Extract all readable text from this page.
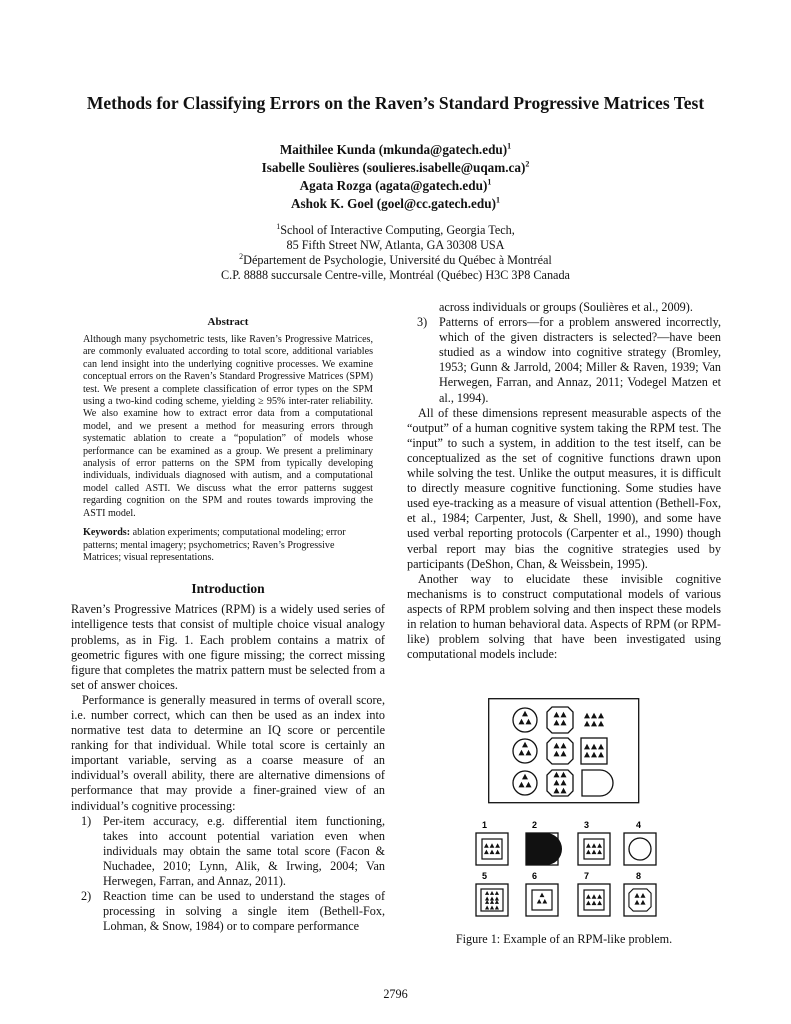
Methods for Classifying Errors on the Raven’s Standard Progressive Matrices Test
Maithilee Kunda (mkunda@gatech.edu)$^1$
Isabelle Soulières (soulieres.isabelle@uqam.ca)$^2$
Agata Rozga (agata@gatech.edu)$^1$
Ashok K. Goel (goel@cc.gatech.edu)$^1$
$^1$School of Interactive Computing, Georgia Tech,
85 Fifth Street NW, Atlanta, GA 30308 USA
$^2$Département de Psychologie, Université du Québec à Montréal
C.P. 8888 succursale Centre-ville, Montréal (Québec) H3C 3P8 Canada
Abstract

Although many psychometric tests, like Raven’s Progressive Matrices, are commonly evaluated according to total score, additional variables can lend insight into the underlying cognitive processes. We examine conceptual errors on the Raven’s Standard Progressive Matrices (SPM) test. We present a complete classification of error types on the SPM using a two-kind coding scheme, yielding ≥ 95% inter-rater reliability. We also examine how to extract error data from a computational model, and we present a method for measuring errors through systematic ablation to create a “population” of models whose performance can be examined as a group. We present a preliminary analysis of error patterns on the SPM from typically developing individuals, individuals diagnosed with autism, and a computational model called ASTI. We discuss what the error patterns suggest regarding cognition on the SPM and routes towards improving the ASTI model.

Keywords: ablation experiments; computational modeling; error patterns; mental imagery; psychometrics; Raven’s Progressive Matrices; visual representations.

Introduction

Raven’s Progressive Matrices (RPM) is a widely used series of intelligence tests that consist of multiple choice visual analogy problems, as in Fig. 1. Each problem contains a matrix of geometric figures with one figure missing; the correct missing figure that completes the matrix pattern must be selected from a set of answer choices.

Performance is generally measured in terms of overall score, i.e. number correct, which can then be used as an index into normative test data to determine an IQ score or percentile ranking for that individual. While total score is certainly an important variable, serving as a coarse measure of an individual’s overall ability, there are alternative dimensions of performance that may provide a finer-grained view of an individual’s cognitive processing:

1) Per-item accuracy, e.g. differential item functioning, takes into account potential variation even when individuals may obtain the same total score (Facon & Nuchadee, 2010; Lynn, Alik, & Irwing, 2004; Van Herwegen, Farran, and Annaz, 2011).
2) Reaction time can be used to understand the stages of processing in solving a single item (Bethell-Fox, Lohman, & Snow, 1984) or to compare performance

across individuals or groups (Soulières et al., 2009).

3) Patterns of errors—for a problem answered incorrectly, which of the given distracters is selected?—have been studied as a window into cognitive strategy (Bromley, 1953; Gunn & Jarrold, 2004; Miller & Raven, 1939; Van Herwegen, Farran, and Annaz, 2011; Vodegel Matzen et al., 1994).

All of these dimensions represent measurable aspects of the “output” of a human cognitive system taking the RPM test. The “input” to such a system, in addition to the test itself, can be conceptualized as the set of cognitive functions drawn upon while solving the test. Unlike the output measures, it is difficult to directly measure cognitive functioning. Some studies have used eye-tracking as a measure of visual attention (Bethell-Fox, et al., 1984; Carpenter, Just, & Shell, 1990), and some have used verbal reporting protocols (Carpenter et al., 1990) though verbal report may bias the cognitive strategies used by participants (DeShon, Chan, & Weissbein, 1995).

Another way to elucidate these invisible cognitive mechanisms is to construct computational models of various aspects of RPM problem solving and then inspect these models in relation to human behavioral data. Aspects of RPM (or RPM-like) problem solving that have been investigated using computational models include:

1	2	3	4
5	6	7	8
Figure 1: Example of an RPM-like problem.
2796
